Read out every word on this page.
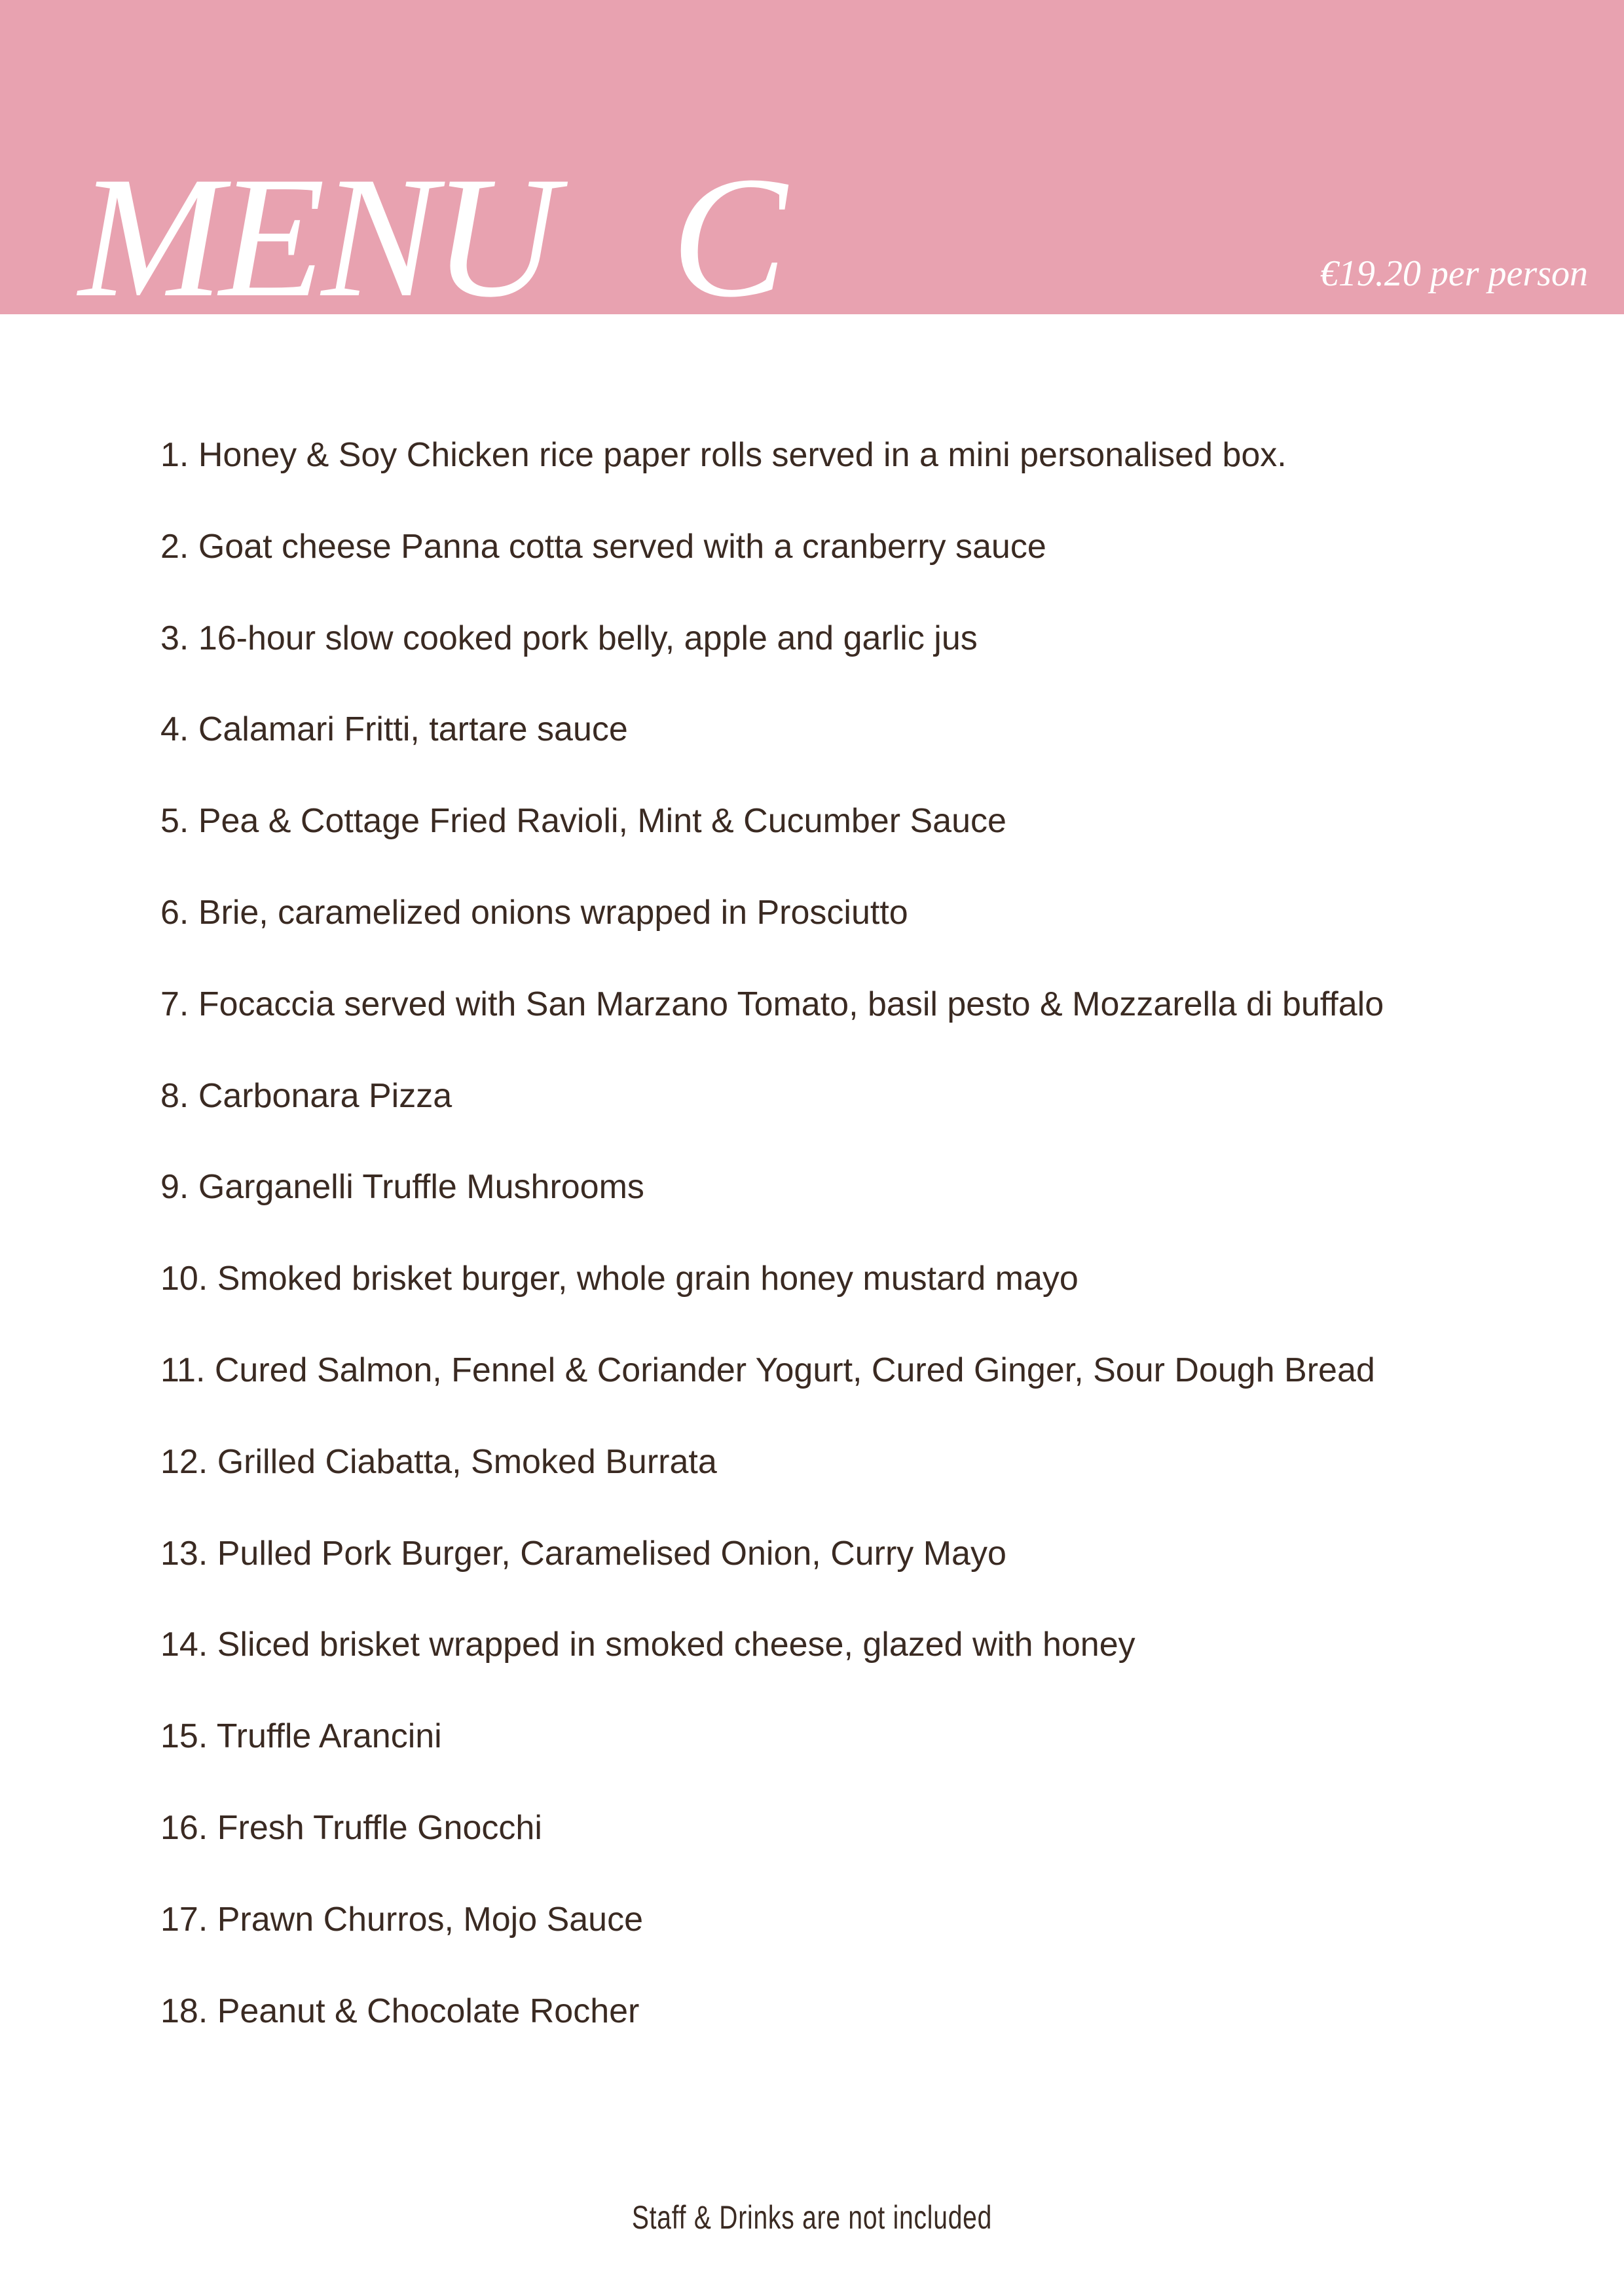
MENU C	€19.20 per person
1. Honey & Soy Chicken rice paper rolls served in a mini personalised box.
2. Goat cheese Panna cotta served with a cranberry sauce
3. 16-hour slow cooked pork belly, apple and garlic jus
4. Calamari Fritti, tartare sauce
5. Pea & Cottage Fried Ravioli, Mint & Cucumber Sauce
6. Brie, caramelized onions wrapped in Prosciutto
7. Focaccia served with San Marzano Tomato, basil pesto & Mozzarella di buffalo
8. Carbonara Pizza
9. Garganelli Truffle Mushrooms
10. Smoked brisket burger, whole grain honey mustard mayo
11. Cured Salmon, Fennel & Coriander Yogurt, Cured Ginger, Sour Dough Bread
12. Grilled Ciabatta, Smoked Burrata
13. Pulled Pork Burger, Caramelised Onion, Curry Mayo
14. Sliced brisket wrapped in smoked cheese, glazed with honey
15. Truffle Arancini
16. Fresh Truffle Gnocchi
17. Prawn Churros, Mojo Sauce
18. Peanut & Chocolate Rocher
Staff & Drinks are not included
